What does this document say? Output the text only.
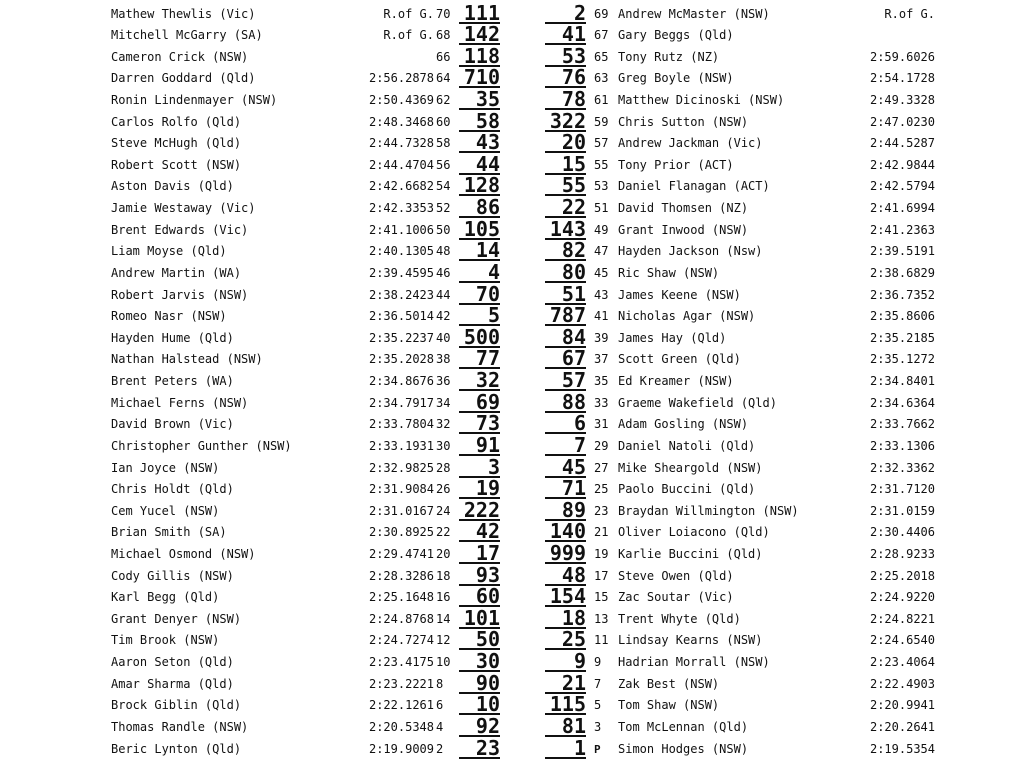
Mathew Thewlis (Vic)	R.of G. 70 111	2 69 Andrew McMaster (NSW)	R.of G.
Mitchell McGarry (SA)	R.of G. 68 142	41 67 Gary Beggs (Qld)
Cameron Crick (NSW)	66 118	53 65 Tony Rutz (NZ)	2:59.6026
Darren Goddard (Qld)	2:56.2878 64 710	76 63 Greg Boyle (NSW)	2:54.1728
Ronin Lindenmayer (NSW)	2:50.4369 62	35	78 61 Matthew Dicinoski (NSW)	2:49.3328
Carlos Rolfo (Qld)	2:48.3468 60	58 322 59 Chris Sutton (NSW)	2:47.0230
Steve McHugh (Qld)	2:44.7328 58	43	20 57 Andrew Jackman (Vic)	2:44.5287
Robert Scott (NSW)	2:44.4704 56	44	15 55 Tony Prior (ACT)	2:42.9844
Aston Davis (Qld)	2:42.6682 54 128	55 53 Daniel Flanagan (ACT)	2:42.5794
Jamie Westaway (Vic)	2:42.3353 52	86	22 51 David Thomsen (NZ)	2:41.6994
Brent Edwards (Vic)	2:41.1006 50 105 143 49 Grant Inwood (NSW)	2:41.2363
Liam Moyse (Qld)	2:40.1305 48	14	82 47 Hayden Jackson (Nsw)	2:39.5191
Andrew Martin (WA)	2:39.4595 46	4	80 45 Ric Shaw (NSW)	2:38.6829
Robert Jarvis (NSW)	2:38.2423 44	70	51 43 James Keene (NSW)	2:36.7352
Romeo Nasr (NSW)	2:36.5014 42	5 787 41 Nicholas Agar (NSW)	2:35.8606
Hayden Hume (Qld)	2:35.2237 40 500	84 39 James Hay (Qld)	2:35.2185
Nathan Halstead (NSW)	2:35.2028 38	77	67 37 Scott Green (Qld)	2:35.1272
Brent Peters (WA)	2:34.8676 36	32	57 35 Ed Kreamer (NSW)	2:34.8401
Michael Ferns (NSW)	2:34.7917 34	69	88 33 Graeme Wakefield (Qld)	2:34.6364
David Brown (Vic)	2:33.7804 32	73	6 31 Adam Gosling (NSW)	2:33.7662
Christopher Gunther (NSW)	2:33.1931 30	91	7 29 Daniel Natoli (Qld)	2:33.1306
Ian Joyce (NSW)	2:32.9825 28	3	45 27 Mike Sheargold (NSW)	2:32.3362
Chris Holdt (Qld)	2:31.9084 26	19	71 25 Paolo Buccini (Qld)	2:31.7120
Cem Yucel (NSW)	2:31.0167 24 222	89 23 Braydan Willmington (NSW)	2:31.0159
Brian Smith (SA)	2:30.8925 22	42 140 21 Oliver Loiacono (Qld)	2:30.4406
Michael Osmond (NSW)	2:29.4741 20	17 999 19 Karlie Buccini (Qld)	2:28.9233
Cody Gillis (NSW)	2:28.3286 18	93	48 17 Steve Owen (Qld)	2:25.2018
Karl Begg (Qld)	2:25.1648 16	60 154 15 Zac Soutar (Vic)	2:24.9220
Grant Denyer (NSW)	2:24.8768 14 101	18 13 Trent Whyte (Qld)	2:24.8221
Tim Brook (NSW)	2:24.7274 12	50	25 11 Lindsay Kearns (NSW)	2:24.6540
Aaron Seton (Qld)	2:23.4175 10	30	9 9 Hadrian Morrall (NSW)	2:23.4064
Amar Sharma (Qld)	2:23.2221 8	90	21 7 Zak Best (NSW)	2:22.4903
Brock Giblin (Qld)	2:22.1261 6	10 115 5 Tom Shaw (NSW)	2:20.9941
Thomas Randle (NSW)	2:20.5348 4	92	81 3 Tom McLennan (Qld)	2:20.2641
Beric Lynton (Qld)	2:19.9009 2	23	1 P Simon Hodges (NSW)	2:19.5354
